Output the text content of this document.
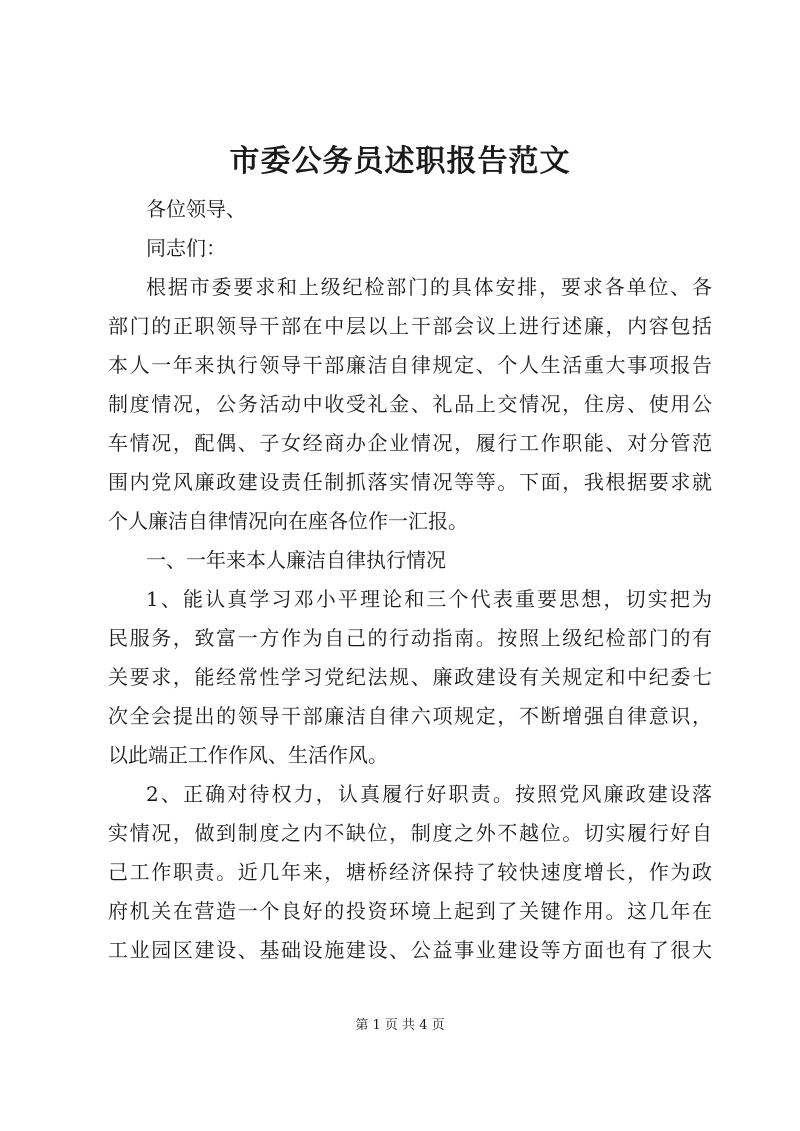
市委公务员述职报告范文
各位领导、
同志们：
根据市委要求和上级纪检部门的具体安排，要求各单位、各
部门的正职领导干部在中层以上干部会议上进行述廉，内容包括
本人一年来执行领导干部廉洁自律规定、个人生活重大事项报告
制度情况，公务活动中收受礼金、礼品上交情况，住房、使用公
车情况，配偶、子女经商办企业情况，履行工作职能、对分管范
围内党风廉政建设责任制抓落实情况等等。下面，我根据要求就
个人廉洁自律情况向在座各位作一汇报。
一、一年来本人廉洁自律执行情况
1、能认真学习邓小平理论和三个代表重要思想，切实把为
民服务，致富一方作为自己的行动指南。按照上级纪检部门的有
关要求，能经常性学习党纪法规、廉政建设有关规定和中纪委七
次全会提出的领导干部廉洁自律六项规定，不断增强自律意识，
以此端正工作作风、生活作风。
2、正确对待权力，认真履行好职责。按照党风廉政建设落
实情况，做到制度之内不缺位，制度之外不越位。切实履行好自
己工作职责。近几年来，塘桥经济保持了较快速度增长，作为政
府机关在营造一个良好的投资环境上起到了关键作用。这几年在
工业园区建设、基础设施建设、公益事业建设等方面也有了很大
第 1 页 共 4 页
